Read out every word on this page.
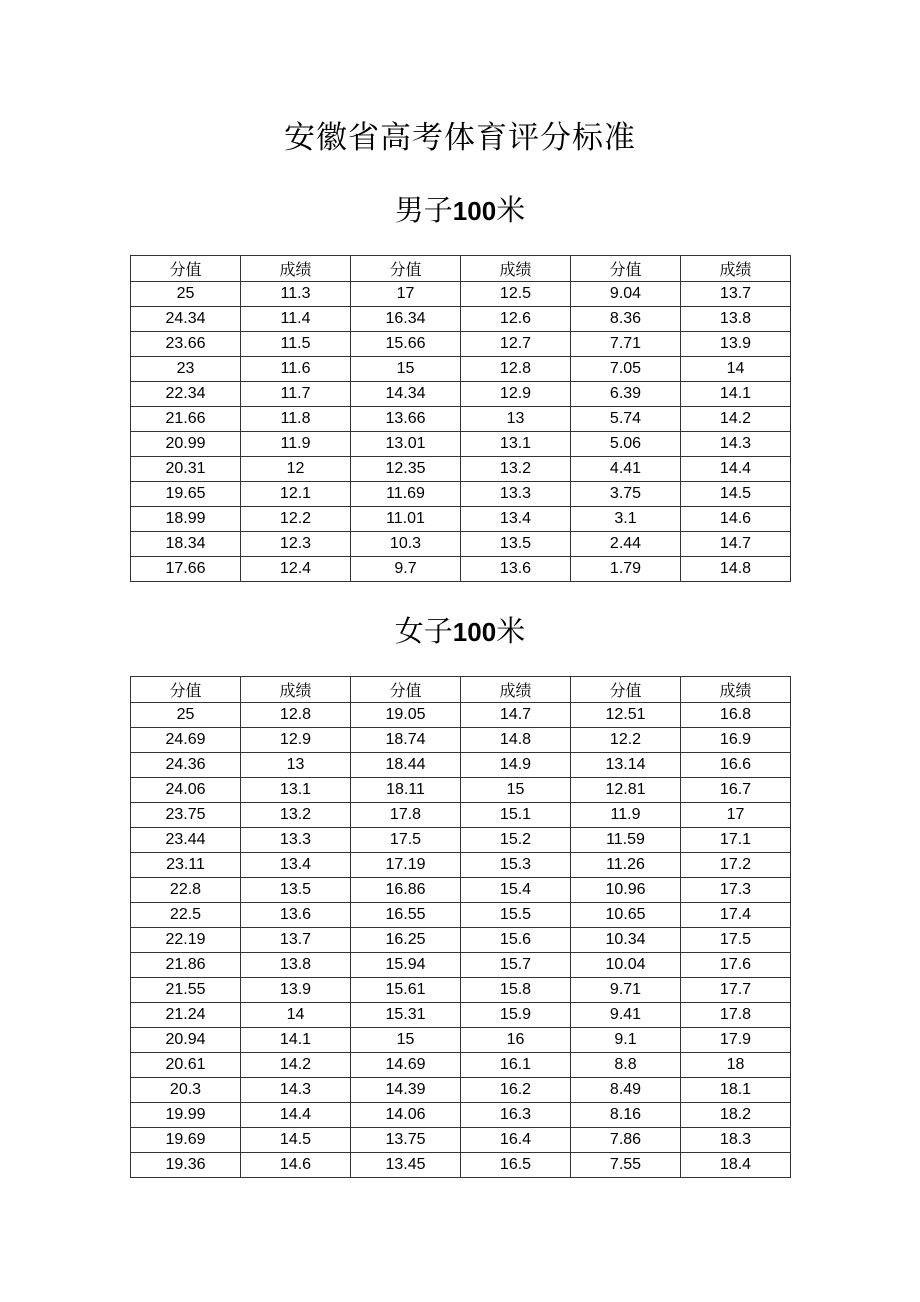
安徽省高考体育评分标准
男子100米
分值	成绩	分值	成绩	分值	成绩
25	11.3	17	12.5	9.04	13.7
24.34	11.4	16.34	12.6	8.36	13.8
23.66	11.5	15.66	12.7	7.71	13.9
23	11.6	15	12.8	7.05	14
22.34	11.7	14.34	12.9	6.39	14.1
21.66	11.8	13.66	13	5.74	14.2
20.99	11.9	13.01	13.1	5.06	14.3
20.31	12	12.35	13.2	4.41	14.4
19.65	12.1	11.69	13.3	3.75	14.5
18.99	12.2	11.01	13.4	3.1	14.6
18.34	12.3	10.3	13.5	2.44	14.7
17.66	12.4	9.7	13.6	1.79	14.8
女子100米
分值	成绩	分值	成绩	分值	成绩
25	12.8	19.05	14.7	12.51	16.8
24.69	12.9	18.74	14.8	12.2	16.9
24.36	13	18.44	14.9	13.14	16.6
24.06	13.1	18.11	15	12.81	16.7
23.75	13.2	17.8	15.1	11.9	17
23.44	13.3	17.5	15.2	11.59	17.1
23.11	13.4	17.19	15.3	11.26	17.2
22.8	13.5	16.86	15.4	10.96	17.3
22.5	13.6	16.55	15.5	10.65	17.4
22.19	13.7	16.25	15.6	10.34	17.5
21.86	13.8	15.94	15.7	10.04	17.6
21.55	13.9	15.61	15.8	9.71	17.7
21.24	14	15.31	15.9	9.41	17.8
20.94	14.1	15	16	9.1	17.9
20.61	14.2	14.69	16.1	8.8	18
20.3	14.3	14.39	16.2	8.49	18.1
19.99	14.4	14.06	16.3	8.16	18.2
19.69	14.5	13.75	16.4	7.86	18.3
19.36	14.6	13.45	16.5	7.55	18.4
